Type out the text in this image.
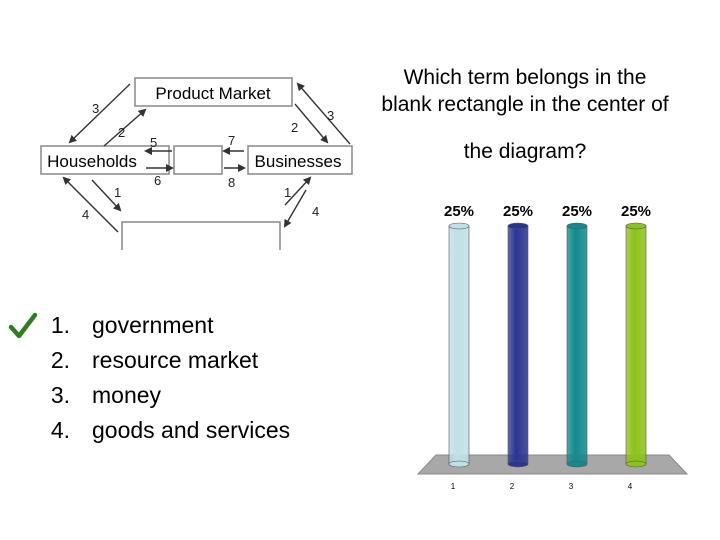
Product Market
Households	Businesses
3
2	2
3
5
6
7
8
1
4
1
4
Which term belongs in the
blank rectangle in the center of
the diagram?
1. government
2. resource market
3. money
4. goods and services
25%
1
25%
2
25%
3
25%
4
